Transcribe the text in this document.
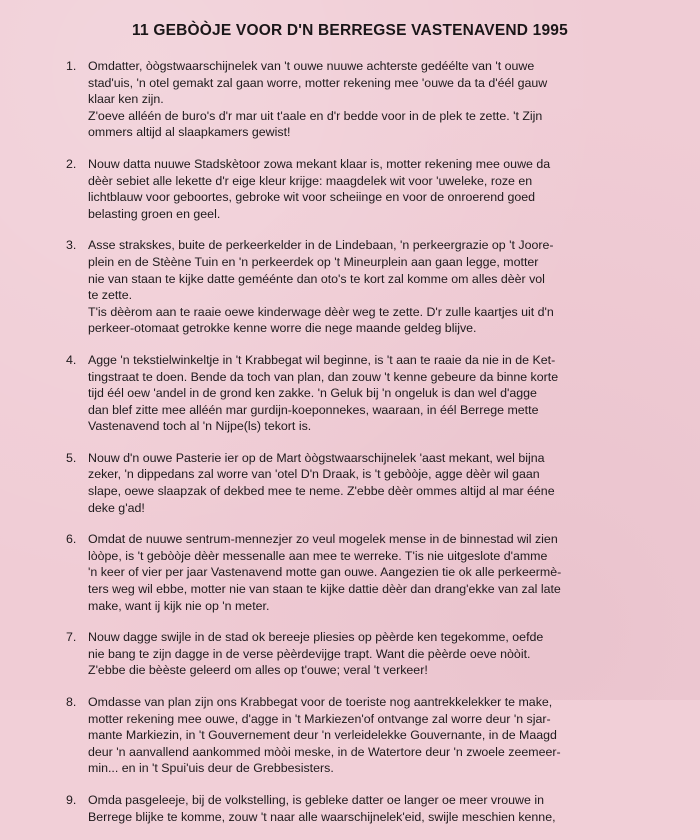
11 GEBÒÒJE VOOR D'N BERREGSE VASTENAVEND 1995
1. Omdatter, òògstwaarschijnelek van 't ouwe nuuwe achterste gedéélte van 't ouwe
stad'uis, 'n otel gemakt zal gaan worre, motter rekening mee 'ouwe da ta d'éél gauw
klaar ken zijn.
Z'oeve alléén de buro's d'r mar uit t'aale en d'r bedde voor in de plek te zette. 't Zijn
ommers altijd al slaapkamers gewist!

2. Nouw datta nuuwe Stadskètoor zowa mekant klaar is, motter rekening mee ouwe da
dèèr sebiet alle lekette d'r eige kleur krijge: maagdelek wit voor 'uweleke, roze en
lichtblauw voor geboortes, gebroke wit voor scheiinge en voor de onroerend goed
belasting groen en geel.

3. Asse strakskes, buite de perkeerkelder in de Lindebaan, 'n perkeergrazie op 't Joore-
plein en de Stèène Tuin en 'n perkeerdek op 't Mineurplein aan gaan legge, motter
nie van staan te kijke datte geméénte dan oto's te kort zal komme om alles dèèr vol
te zette.
T'is dèèrom aan te raaie oewe kinderwage dèèr weg te zette. D'r zulle kaartjes uit d'n
perkeer-otomaat getrokke kenne worre die nege maande geldeg blijve.

4. Agge 'n tekstielwinkeltje in 't Krabbegat wil beginne, is 't aan te raaie da nie in de Ket-
tingstraat te doen. Bende da toch van plan, dan zouw 't kenne gebeure da binne korte
tijd éél oew 'andel in de grond ken zakke. 'n Geluk bij 'n ongeluk is dan wel d'agge
dan blef zitte mee alléén mar gurdijn-koeponnekes, waaraan, in éél Berrege mette
Vastenavend toch al 'n Nijpe(ls) tekort is.

5. Nouw d'n ouwe Pasterie ier op de Mart òògstwaarschijnelek 'aast mekant, wel bijna
zeker, 'n dippedans zal worre van 'otel D'n Draak, is 't gebòòje, agge dèèr wil gaan
slape, oewe slaapzak of dekbed mee te neme. Z'ebbe dèèr ommes altijd al mar ééne
deke g'ad!

6. Omdat de nuuwe sentrum-mennezjer zo veul mogelek mense in de binnestad wil zien
lòòpe, is 't gebòòje dèèr messenalle aan mee te werreke. T'is nie uitgeslote d'amme
'n keer of vier per jaar Vastenavend motte gan ouwe. Aangezien tie ok alle perkeermè-
ters weg wil ebbe, motter nie van staan te kijke dattie dèèr dan drang'ekke van zal late
make, want ij kijk nie op 'n meter.

7. Nouw dagge swijle in de stad ok bereeje pliesies op pèèrde ken tegekomme, oefde
nie bang te zijn dagge in de verse pèèrdevijge trapt. Want die pèèrde oeve nòòit.
Z'ebbe die bèèste geleerd om alles op t'ouwe; veral 't verkeer!

8. Omdasse van plan zijn ons Krabbegat voor de toeriste nog aantrekkelekker te make,
motter rekening mee ouwe, d'agge in 't Markiezen'of ontvange zal worre deur 'n sjar-
mante Markiezin, in 't Gouvernement deur 'n verleidelekke Gouvernante, in de Maagd
deur 'n aanvallend aankommed mòòi meske, in de Watertore deur 'n zwoele zeemeer-
min... en in 't Spui'uis deur de Grebbesisters.

9. Omda pasgeleeje, bij de volkstelling, is gebleke datter oe langer oe meer vrouwe in
Berrege blijke te komme, zouw 't naar alle waarschijnelek'eid, swijle meschien kenne,
